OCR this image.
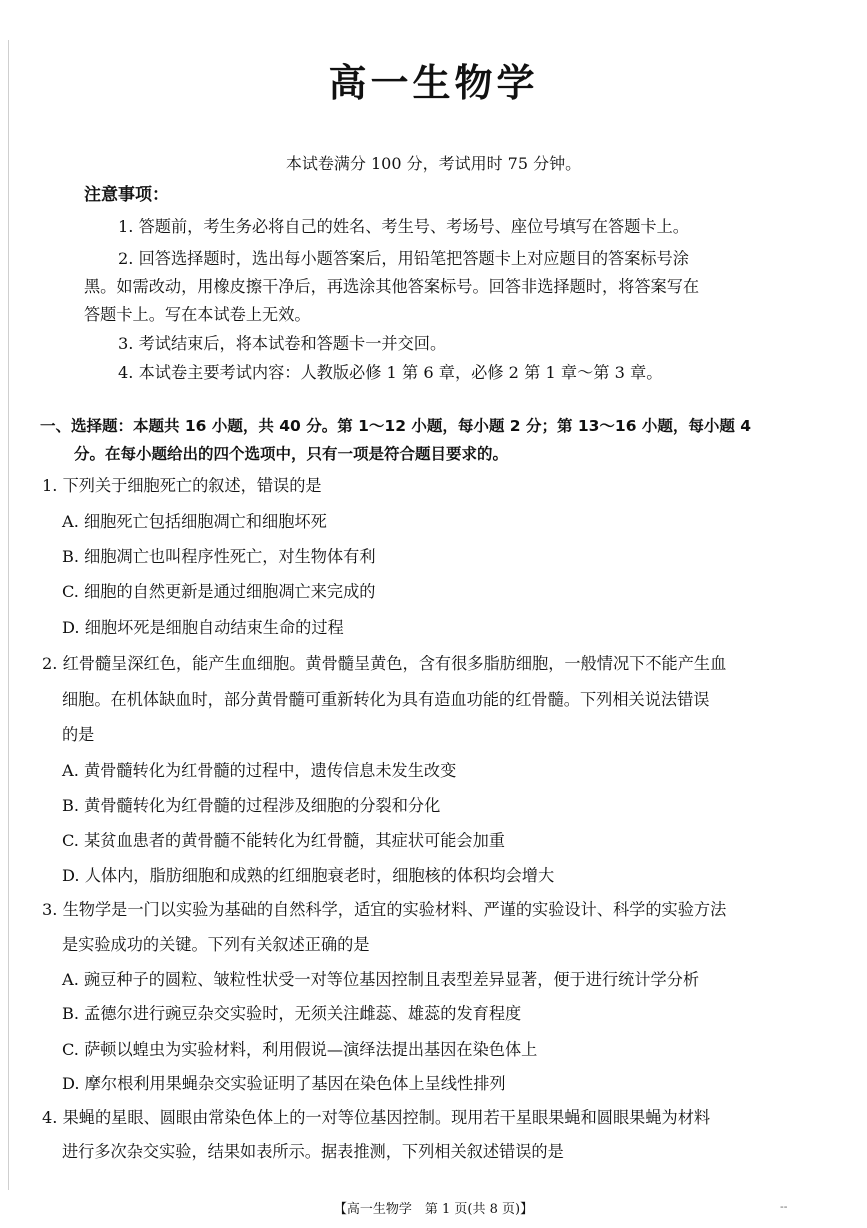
高一生物学
本试卷满分 100 分，考试用时 75 分钟。
注意事项：
1. 答题前，考生务必将自己的姓名、考生号、考场号、座位号填写在答题卡上。
2. 回答选择题时，选出每小题答案后，用铅笔把答题卡上对应题目的答案标号涂
黑。如需改动，用橡皮擦干净后，再选涂其他答案标号。回答非选择题时，将答案写在
答题卡上。写在本试卷上无效。
3. 考试结束后，将本试卷和答题卡一并交回。
4. 本试卷主要考试内容：人教版必修 1 第 6 章，必修 2 第 1 章～第 3 章。
一、选择题：本题共 16 小题，共 40 分。第 1～12 小题，每小题 2 分；第 13～16 小题，每小题 4
分。在每小题给出的四个选项中，只有一项是符合题目要求的。
1. 下列关于细胞死亡的叙述，错误的是
A. 细胞死亡包括细胞凋亡和细胞坏死
B. 细胞凋亡也叫程序性死亡，对生物体有利
C. 细胞的自然更新是通过细胞凋亡来完成的
D. 细胞坏死是细胞自动结束生命的过程
2. 红骨髓呈深红色，能产生血细胞。黄骨髓呈黄色，含有很多脂肪细胞，一般情况下不能产生血
细胞。在机体缺血时，部分黄骨髓可重新转化为具有造血功能的红骨髓。下列相关说法错误
的是
A. 黄骨髓转化为红骨髓的过程中，遗传信息未发生改变
B. 黄骨髓转化为红骨髓的过程涉及细胞的分裂和分化
C. 某贫血患者的黄骨髓不能转化为红骨髓，其症状可能会加重
D. 人体内，脂肪细胞和成熟的红细胞衰老时，细胞核的体积均会增大
3. 生物学是一门以实验为基础的自然科学，适宜的实验材料、严谨的实验设计、科学的实验方法
是实验成功的关键。下列有关叙述正确的是
A. 豌豆种子的圆粒、皱粒性状受一对等位基因控制且表型差异显著，便于进行统计学分析
B. 孟德尔进行豌豆杂交实验时，无须关注雌蕊、雄蕊的发育程度
C. 萨顿以蝗虫为实验材料，利用假说—演绎法提出基因在染色体上
D. 摩尔根利用果蝇杂交实验证明了基因在染色体上呈线性排列
4. 果蝇的星眼、圆眼由常染色体上的一对等位基因控制。现用若干星眼果蝇和圆眼果蝇为材料
进行多次杂交实验，结果如表所示。据表推测，下列相关叙述错误的是
【高一生物学　第 1 页(共 8 页)】	--
